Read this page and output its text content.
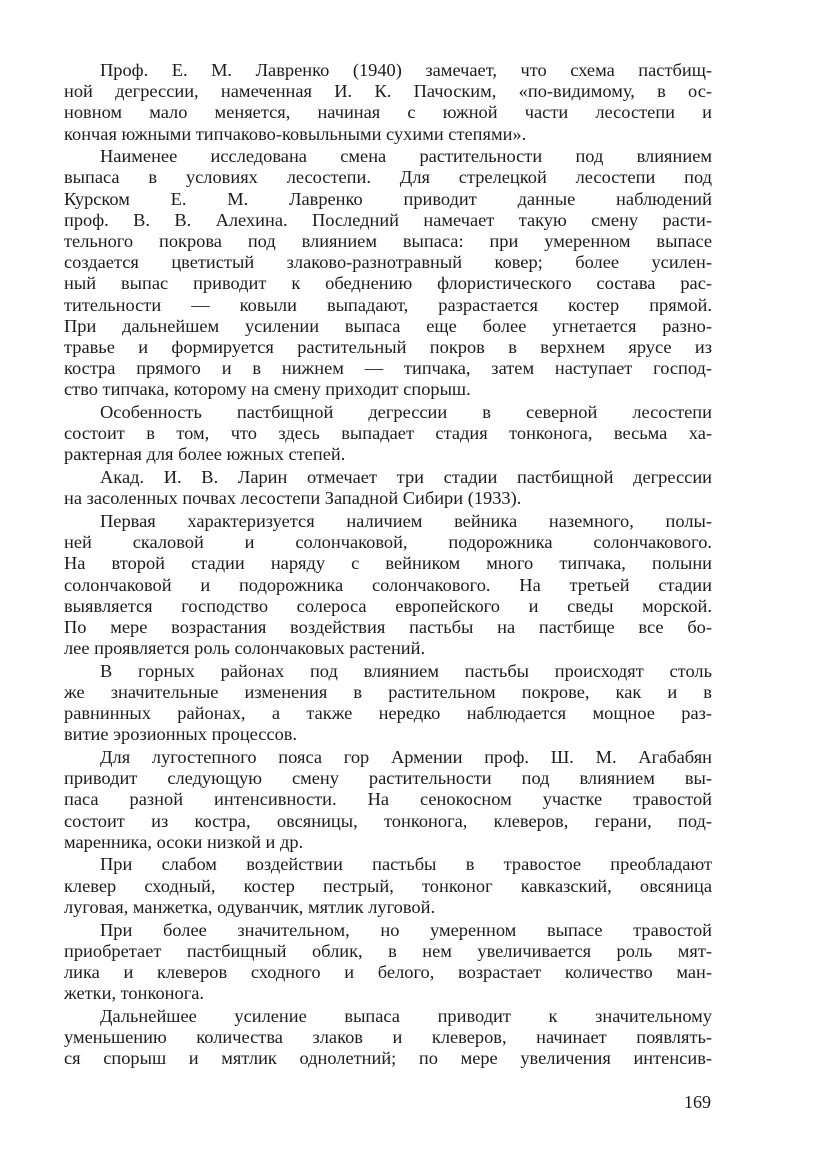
Проф. Е. М. Лавренко (1940) замечает, что схема пастбищ-
ной дегрессии, намеченная И. К. Пачоским, «по-видимому, в ос-
новном мало меняется, начиная с южной части лесостепи и
кончая южными типчаково-ковыльными сухими степями».
Наименее исследована смена растительности под влиянием
выпаса в условиях лесостепи. Для стрелецкой лесостепи под
Курском Е. М. Лавренко приводит данные наблюдений
проф. В. В. Алехина. Последний намечает такую смену расти-
тельного покрова под влиянием выпаса: при умеренном выпасе
создается цветистый злаково-разнотравный ковер; более усилен-
ный выпас приводит к обеднению флористического состава рас-
тительности — ковыли выпадают, разрастается костер прямой.
При дальнейшем усилении выпаса еще более угнетается разно-
травье и формируется растительный покров в верхнем ярусе из
костра прямого и в нижнем — типчака, затем наступает господ-
ство типчака, которому на смену приходит спорыш.
Особенность пастбищной дегрессии в северной лесостепи
состоит в том, что здесь выпадает стадия тонконога, весьма ха-
рактерная для более южных степей.
Акад. И. В. Ларин отмечает три стадии пастбищной дегрессии
на засоленных почвах лесостепи Западной Сибири (1933).
Первая характеризуется наличием вейника наземного, полы-
ней скаловой и солончаковой, подорожника солончакового.
На второй стадии наряду с вейником много типчака, полыни
солончаковой и подорожника солончакового. На третьей стадии
выявляется господство солероса европейского и сведы морской.
По мере возрастания воздействия пастьбы на пастбище все бо-
лее проявляется роль солончаковых растений.
В горных районах под влиянием пастьбы происходят столь
же значительные изменения в растительном покрове, как и в
равнинных районах, а также нередко наблюдается мощное раз-
витие эрозионных процессов.
Для лугостепного пояса гор Армении проф. Ш. М. Агабабян
приводит следующую смену растительности под влиянием вы-
паса разной интенсивности. На сенокосном участке травостой
состоит из костра, овсяницы, тонконога, клеверов, герани, под-
маренника, осоки низкой и др.
При слабом воздействии пастьбы в травостое преобладают
клевер сходный, костер пестрый, тонконог кавказский, овсяница
луговая, манжетка, одуванчик, мятлик луговой.
При более значительном, но умеренном выпасе травостой
приобретает пастбищный облик, в нем увеличивается роль мят-
лика и клеверов сходного и белого, возрастает количество ман-
жетки, тонконога.
Дальнейшее усиление выпаса приводит к значительному
уменьшению количества злаков и клеверов, начинает появлять-
ся спорыш и мятлик однолетний; по мере увеличения интенсив-
169
